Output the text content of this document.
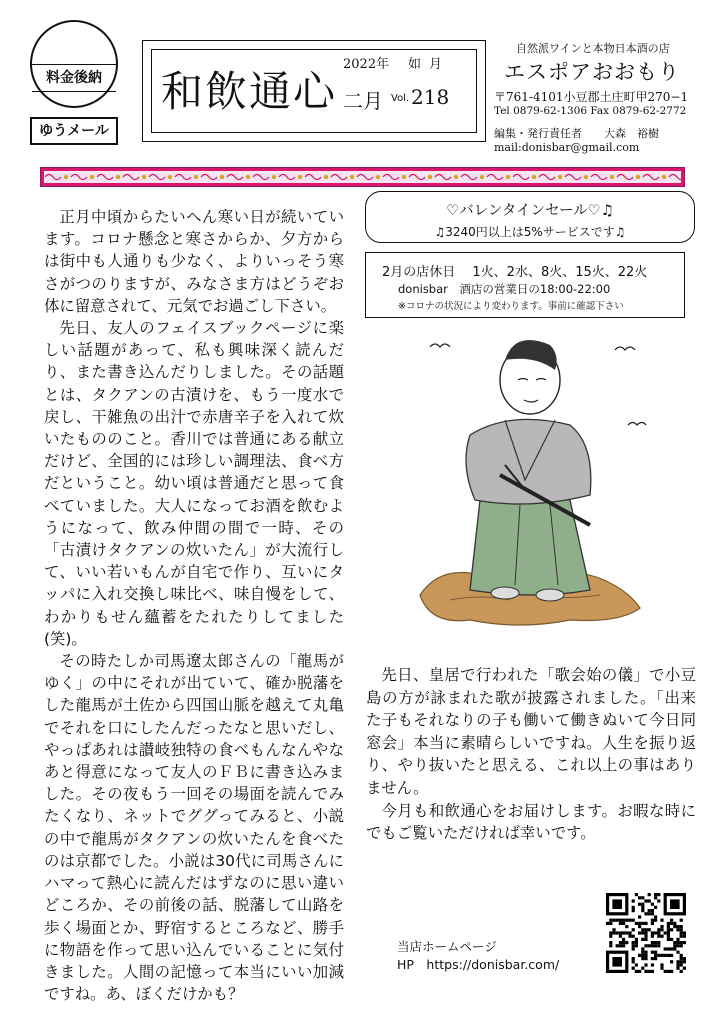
料金後納
ゆうメール
和飲通心
2022年 如月
二月 Vol. 218
自然派ワインと本物日本酒の店
エスポアおおもり
〒761-4101小豆郡土庄町甲270−1
Tel 0879-62-1306 Fax 0879-62-2772
編集・発行責任者　　大森　裕樹
mail:donisbar@gmail.com

正月中頃からたいへん寒い日が続いています。コロナ懸念と寒さからか、夕方からは街中も人通りも少なく、よりいっそう寒さがつのりますが、みなさま方はどうぞお体に留意されて、元気でお過ごし下さい。

先日、友人のフェイスブックページに楽しい話題があって、私も興味深く読んだり、また書き込んだりしました。その話題とは、タクアンの古漬けを、もう一度水で戻し、干雑魚の出汁で赤唐辛子を入れて炊いたもののこと。香川では普通にある献立だけど、全国的には珍しい調理法、食べ方だということ。幼い頃は普通だと思って食べていました。大人になってお酒を飲むようになって、飲み仲間の間で一時、その「古漬けタクアンの炊いたん」が大流行して、いい若いもんが自宅で作り、互いにタッパに入れ交換し味比べ、味自慢をして、わかりもせん蘊蓄をたれたりしてました(笑)。

その時たしか司馬遼太郎さんの「龍馬がゆく」の中にそれが出ていて、確か脱藩をした龍馬が土佐から四国山脈を越えて丸亀でそれを口にしたんだったなと思いだし、やっぱあれは讃岐独特の食べもんなんやなあと得意になって友人のＦＢに書き込みました。その夜もう一回その場面を読んでみたくなり、ネットでググってみると、小説の中で龍馬がタクアンの炊いたんを食べたのは京都でした。小説は30代に司馬さんにハマって熱心に読んだはずなのに思い違いどころか、その前後の話、脱藩して山路を歩く場面とか、野宿するところなど、勝手に物語を作って思い込んでいることに気付きました。人間の記憶って本当にいい加減ですね。あ、ぼくだけかも？

♡バレンタインセール♡♫
♫3240円以上は5%サービスです♫
2月の店休日　 1火、2水、8火、15火、22火
donisbar　酒店の営業日の18:00-22:00
※コロナの状況により変わります。事前に確認下さい

先日、皇居で行われた「歌会始の儀」で小豆島の方が詠まれた歌が披露されました。「出来た子もそれなりの子も働いて働きぬいて今日同窓会」本当に素晴らしいですね。人生を振り返り、やり抜いたと思える、これ以上の事はありません。

今月も和飲通心をお届けします。お暇な時にでもご覧いただければ幸いです。

当店ホームページ
HP　https://donisbar.com/
